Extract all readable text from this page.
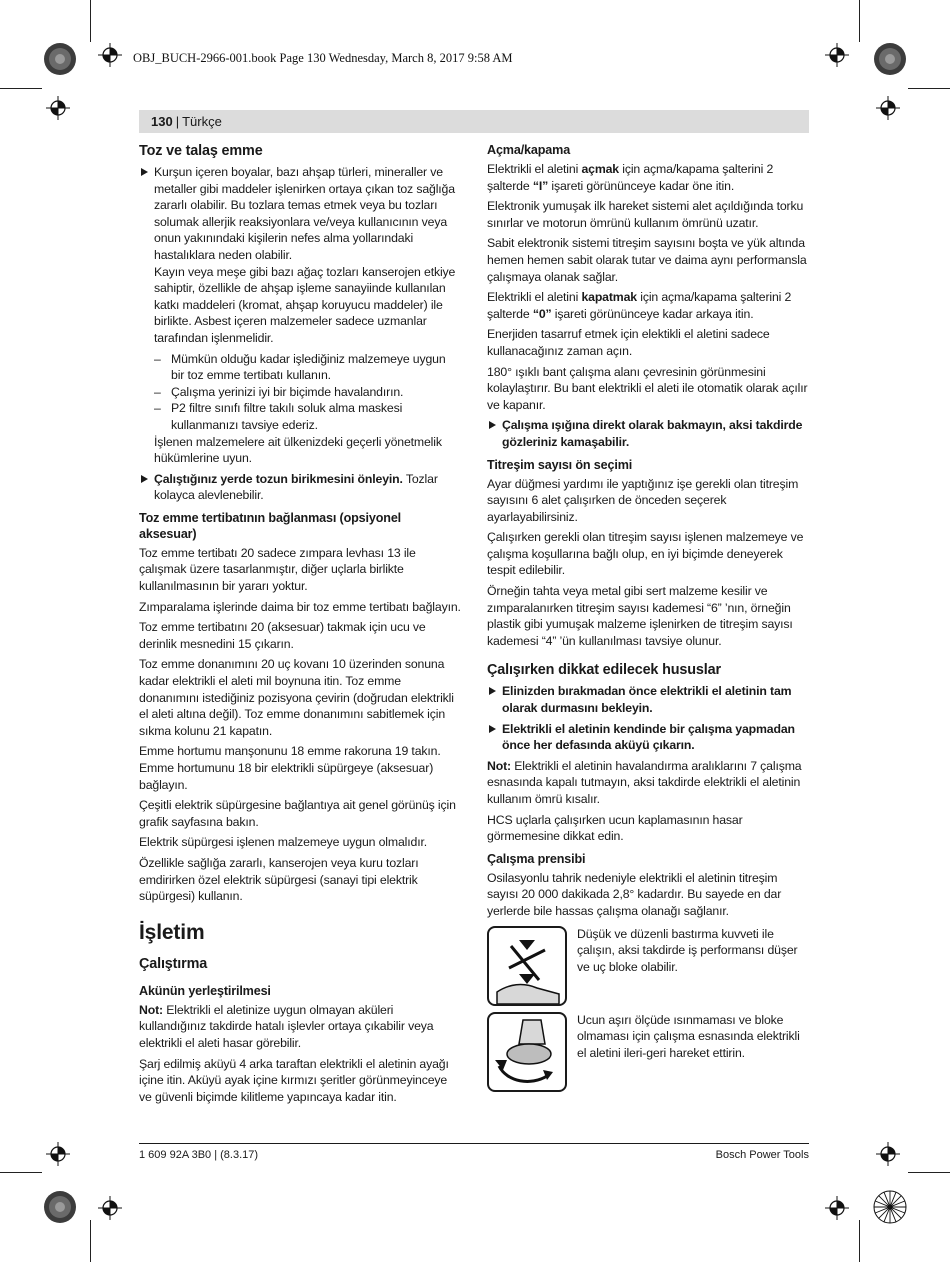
OBJ_BUCH-2966-001.book Page 130 Wednesday, March 8, 2017 9:58 AM
130 | Türkçe
Toz ve talaş emme
Kurşun içeren boyalar, bazı ahşap türleri, mineraller ve metaller gibi maddeler işlenirken ortaya çıkan toz sağlığa zararlı olabilir. Bu tozlara temas etmek veya bu tozları solumak allerjik reaksiyonlara ve/veya kullanıcının veya onun yakınındaki kişilerin nefes alma yollarındaki hastalıklara neden olabilir.
Kayın veya meşe gibi bazı ağaç tozları kanserojen etkiye sahiptir, özellikle de ahşap işleme sanayiinde kullanılan katkı maddeleri (kromat, ahşap koruyucu maddeler) ile birlikte. Asbest içeren malzemeler sadece uzmanlar tarafından işlenmelidir.
– Mümkün olduğu kadar işlediğiniz malzemeye uygun bir toz emme tertibatı kullanın.
– Çalışma yerinizi iyi bir biçimde havalandırın.
– P2 filtre sınıfı filtre takılı soluk alma maskesi kullanmanızı tavsiye ederiz.

İşlenen malzemelere ait ülkenizdeki geçerli yönetmelik hükümlerine uyun.

Çalıştığınız yerde tozun birikmesini önleyin. Tozlar kolayca alevlenebilir.
Toz emme tertibatının bağlanması (opsiyonel aksesuar)

Toz emme tertibatı 20 sadece zımpara levhası 13 ile çalışmak üzere tasarlanmıştır, diğer uçlarla birlikte kullanılmasının bir yararı yoktur.

Zımparalama işlerinde daima bir toz emme tertibatı bağlayın.

Toz emme tertibatını 20 (aksesuar) takmak için ucu ve derinlik mesnedini 15 çıkarın.

Toz emme donanımını 20 uç kovanı 10 üzerinden sonuna kadar elektrikli el aleti mil boynuna itin. Toz emme donanımını istediğiniz pozisyona çevirin (doğrudan elektrikli el aleti altına değil). Toz emme donanımını sabitlemek için sıkma kolunu 21 kapatın.

Emme hortumu manşonunu 18 emme rakoruna 19 takın. Emme hortumunu 18 bir elektrikli süpürgeye (aksesuar) bağlayın.

Çeşitli elektrik süpürgesine bağlantıya ait genel görünüş için grafik sayfasına bakın.

Elektrik süpürgesi işlenen malzemeye uygun olmalıdır.

Özellikle sağlığa zararlı, kanserojen veya kuru tozları emdirirken özel elektrik süpürgesi (sanayi tipi elektrik süpürgesi) kullanın.

İşletim
Çalıştırma
Akünün yerleştirilmesi

Not: Elektrikli el aletinize uygun olmayan aküleri kullandığınız takdirde hatalı işlevler ortaya çıkabilir veya elektrikli el aleti hasar görebilir.

Şarj edilmiş aküyü 4 arka taraftan elektrikli el aletinin ayağı içine itin. Aküyü ayak içine kırmızı şeritler görünmeyinceye ve güvenli biçimde kilitleme yapıncaya kadar itin.

Açma/kapama

Elektrikli el aletini açmak için açma/kapama şalterini 2 şalterde “I” işareti görününceye kadar öne itin.

Elektronik yumuşak ilk hareket sistemi alet açıldığında torku sınırlar ve motorun ömrünü kullanım ömrünü uzatır.

Sabit elektronik sistemi titreşim sayısını boşta ve yük altında hemen hemen sabit olarak tutar ve daima aynı performansla çalışmaya olanak sağlar.

Elektrikli el aletini kapatmak için açma/kapama şalterini 2 şalterde “0” işareti görününceye kadar arkaya itin.

Enerjiden tasarruf etmek için elektikli el aletini sadece kullanacağınız zaman açın.

180° ışıklı bant çalışma alanı çevresinin görünmesini kolaylaştırır. Bu bant elektrikli el aleti ile otomatik olarak açılır ve kapanır.

Çalışma ışığına direkt olarak bakmayın, aksi takdirde gözleriniz kamaşabilir.
Titreşim sayısı ön seçimi

Ayar düğmesi yardımı ile yaptığınız işe gerekli olan titreşim sayısını 6 alet çalışırken de önceden seçerek ayarlayabilirsiniz.

Çalışırken gerekli olan titreşim sayısı işlenen malzemeye ve çalışma koşullarına bağlı olup, en iyi biçimde deneyerek tespit edilebilir.

Örneğin tahta veya metal gibi sert malzeme kesilir ve zımparalanırken titreşim sayısı kademesi “6” ’nın, örneğin plastik gibi yumuşak malzeme işlenirken de titreşim sayısı kademesi “4” ’ün kullanılması tavsiye olunur.

Çalışırken dikkat edilecek hususlar
Elinizden bırakmadan önce elektrikli el aletinin tam olarak durmasını bekleyin.
Elektrikli el aletinin kendinde bir çalışma yapmadan önce her defasında aküyü çıkarın.

Not: Elektrikli el aletinin havalandırma aralıklarını 7 çalışma esnasında kapalı tutmayın, aksi takdirde elektrikli el aletinin kullanım ömrü kısalır.

HCS uçlarla çalışırken ucun kaplamasının hasar görmemesine dikkat edin.

Çalışma prensibi

Osilasyonlu tahrik nedeniyle elektrikli el aletinin titreşim sayısı 20 000 dakikada 2,8° kadardır. Bu sayede en dar yerlerde bile hassas çalışma olanağı sağlanır.

Düşük ve düzenli bastırma kuvveti ile çalışın, aksi takdirde iş performansı düşer ve uç bloke olabilir.
Ucun aşırı ölçüde ısınmaması ve bloke olmaması için çalışma esnasında elektrikli el aletini ileri-geri hareket ettirin.
1 609 92A 3B0 | (8.3.17)	Bosch Power Tools
